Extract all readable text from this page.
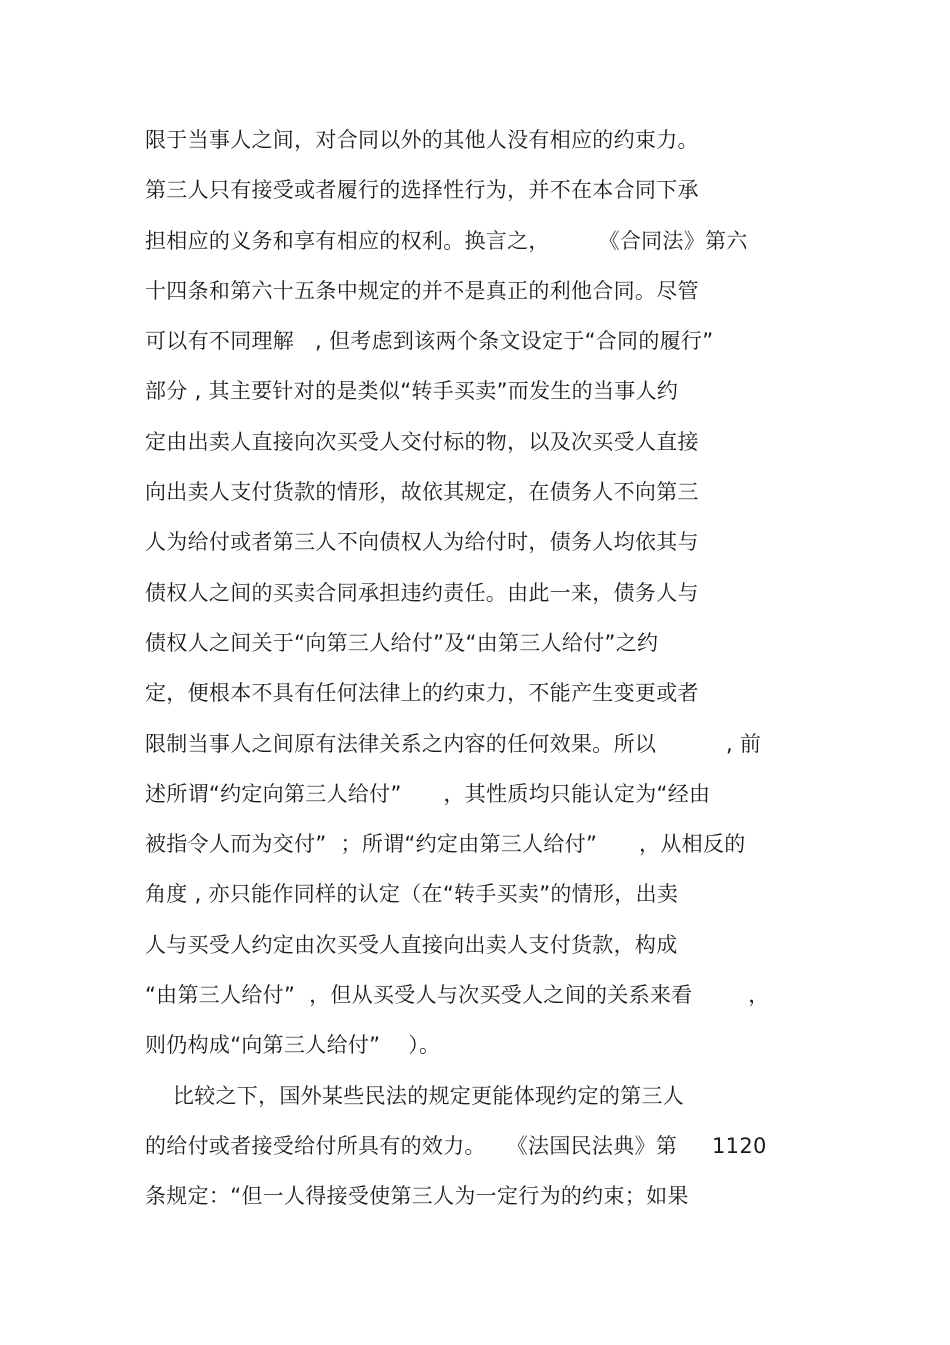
限于当事人之间，对合同以外的其他人没有相应的约束力。
第三人只有接受或者履行的选择性行为，并不在本合同下承
担相应的义务和享有相应的权利。换言之，       《合同法》第六
十四条和第六十五条中规定的并不是真正的利他合同。尽管
可以有不同理解   , 但考虑到该两个条文设定于“合同的履行”
部分 , 其主要针对的是类似“转手买卖”而发生的当事人约
定由出卖人直接向次买受人交付标的物，以及次买受人直接
向出卖人支付货款的情形，故依其规定，在债务人不向第三
人为给付或者第三人不向债权人为给付时，债务人均依其与
债权人之间的买卖合同承担违约责任。由此一来，债务人与
债权人之间关于“向第三人给付”及“由第三人给付”之约
定，便根本不具有任何法律上的约束力，不能产生变更或者
限制当事人之间原有法律关系之内容的任何效果。所以          , 前
述所谓“约定向第三人给付”      ，其性质均只能认定为“经由
被指令人而为交付”  ；所谓“约定由第三人给付”      ，从相反的
角度 , 亦只能作同样的认定（在“转手买卖”的情形，出卖
人与买受人约定由次买受人直接向出卖人支付货款，构成
“由第三人给付”  ，但从买受人与次买受人之间的关系来看        ，
则仍构成“向第三人给付”    ）。
比较之下，国外某些民法的规定更能体现约定的第三人
的给付或者接受给付所具有的效力。   《法国民法典》第     1120
条规定：“但一人得接受使第三人为一定行为的约束；如果
